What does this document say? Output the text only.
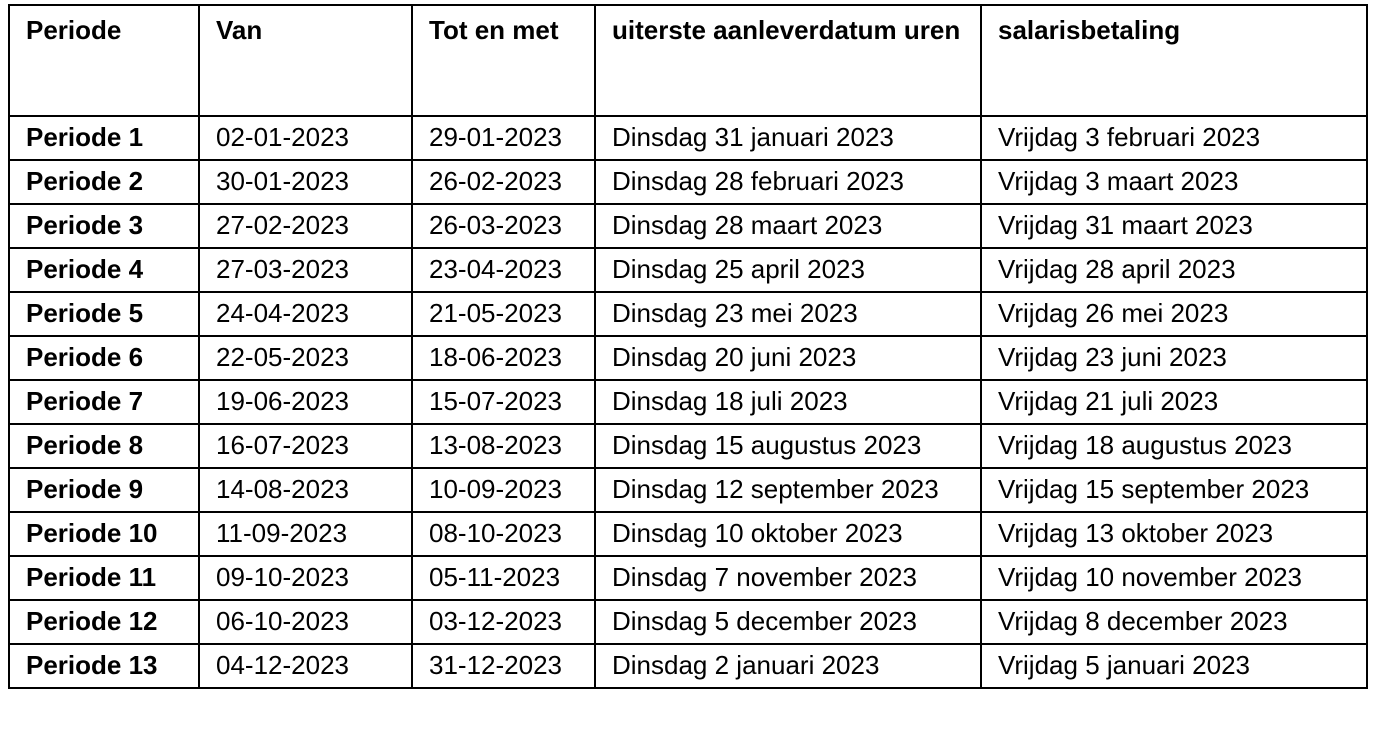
Periode	Van	Tot en met	uiterste aanleverdatum uren	salarisbetaling
Periode 1	02-01-2023	29-01-2023	Dinsdag 31 januari 2023	Vrijdag 3 februari 2023
Periode 2	30-01-2023	26-02-2023	Dinsdag 28 februari 2023	Vrijdag 3 maart 2023
Periode 3	27-02-2023	26-03-2023	Dinsdag 28 maart 2023	Vrijdag 31 maart 2023
Periode 4	27-03-2023	23-04-2023	Dinsdag 25 april 2023	Vrijdag 28 april 2023
Periode 5	24-04-2023	21-05-2023	Dinsdag 23 mei 2023	Vrijdag 26 mei 2023
Periode 6	22-05-2023	18-06-2023	Dinsdag 20 juni 2023	Vrijdag 23 juni 2023
Periode 7	19-06-2023	15-07-2023	Dinsdag 18 juli 2023	Vrijdag 21 juli 2023
Periode 8	16-07-2023	13-08-2023	Dinsdag 15 augustus 2023	Vrijdag 18 augustus 2023
Periode 9	14-08-2023	10-09-2023	Dinsdag 12 september 2023	Vrijdag 15 september 2023
Periode 10	11-09-2023	08-10-2023	Dinsdag 10 oktober 2023	Vrijdag 13 oktober 2023
Periode 11	09-10-2023	05-11-2023	Dinsdag 7 november 2023	Vrijdag 10 november 2023
Periode 12	06-10-2023	03-12-2023	Dinsdag 5 december 2023	Vrijdag 8 december 2023
Periode 13	04-12-2023	31-12-2023	Dinsdag 2 januari 2023	Vrijdag 5 januari 2023
